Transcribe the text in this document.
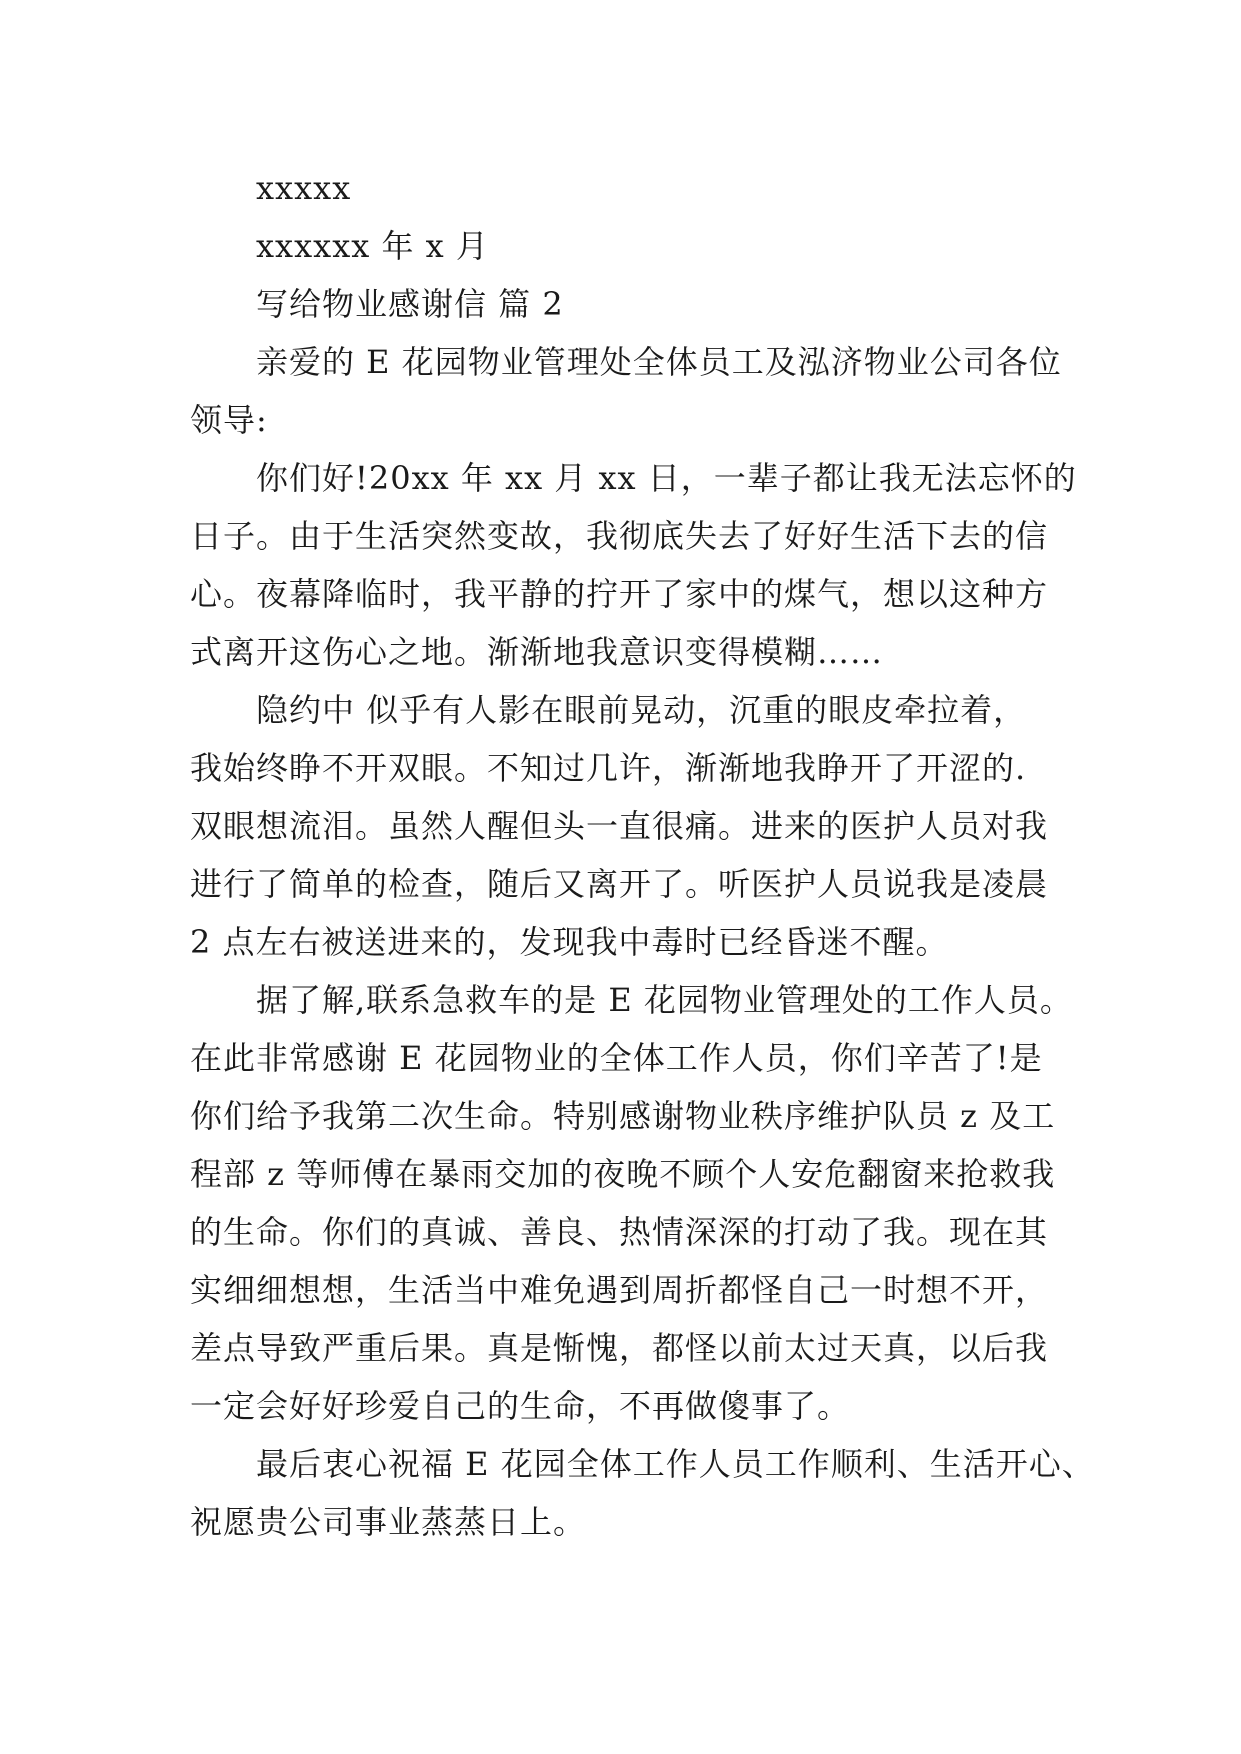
xxxxx
xxxxxx 年 x 月
写给物业感谢信 篇 2
亲爱的 E 花园物业管理处全体员工及泓济物业公司各位
领导:
你们好!20xx 年 xx 月 xx 日，一辈子都让我无法忘怀的
日子。由于生活突然变故，我彻底失去了好好生活下去的信
心。夜幕降临时，我平静的拧开了家中的煤气，想以这种方
式离开这伤心之地。渐渐地我意识变得模糊……
隐约中 似乎有人影在眼前晃动，沉重的眼皮牵拉着，
我始终睁不开双眼。不知过几许，渐渐地我睁开了开涩的.
双眼想流泪。虽然人醒但头一直很痛。进来的医护人员对我
进行了简单的检查，随后又离开了。听医护人员说我是凌晨
2 点左右被送进来的，发现我中毒时已经昏迷不醒。
据了解,联系急救车的是 E 花园物业管理处的工作人员。
在此非常感谢 E 花园物业的全体工作人员，你们辛苦了!是
你们给予我第二次生命。特别感谢物业秩序维护队员 z 及工
程部 z 等师傅在暴雨交加的夜晚不顾个人安危翻窗来抢救我
的生命。你们的真诚、善良、热情深深的打动了我。现在其
实细细想想，生活当中难免遇到周折都怪自己一时想不开，
差点导致严重后果。真是惭愧，都怪以前太过天真，以后我
一定会好好珍爱自己的生命，不再做傻事了。
最后衷心祝福 E 花园全体工作人员工作顺利、生活开心、
祝愿贵公司事业蒸蒸日上。
